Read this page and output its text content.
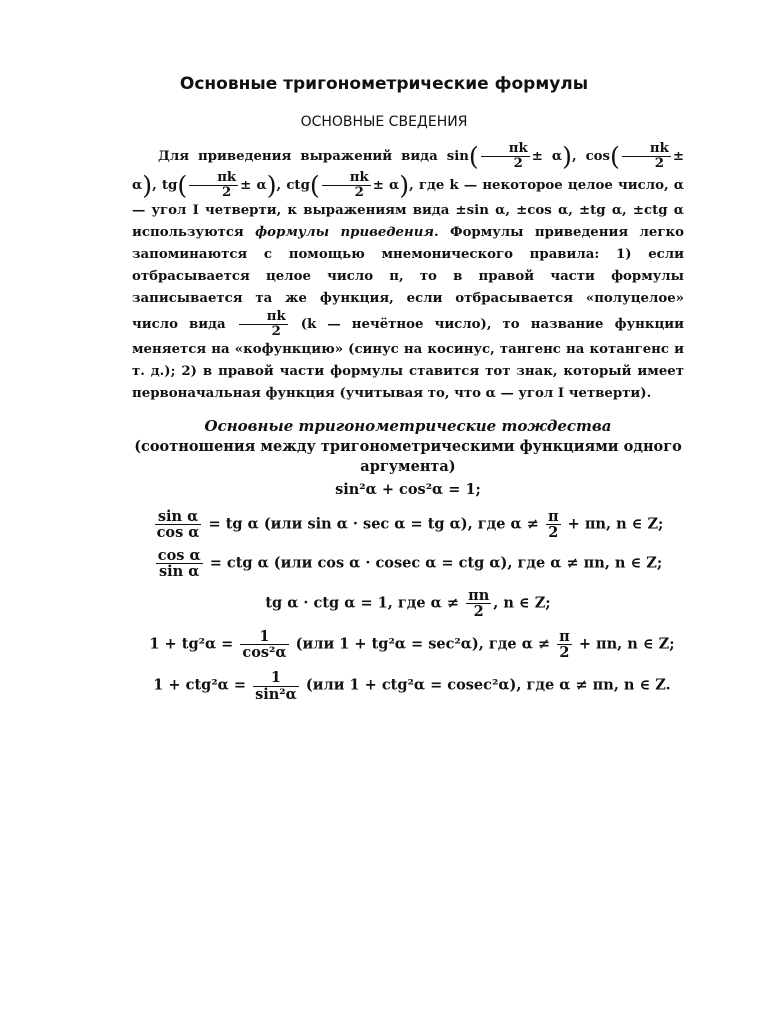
Основные тригонометрические формулы
ОСНОВНЫЕ СВЕДЕНИЯ

Для приведения выражений вида $\sin( \frac{\pi k}{2} \pm \alpha)$, $\cos( \frac{\pi k}{2} \pm \alpha)$, $tg( \frac{\pi k}{2} \pm \alpha)$, $ctg( \frac{\pi k}{2} \pm \alpha)$, где k — некоторое целое число, α — угол I четверти, к выражениям вида ±sin α, ±cos α, ±tg α, ±ctg α используются формулы приведения. Формулы приведения легко запоминаются с помощью мнемонического правила: 1) если отбрасывается целое число π, то в правой части формулы записывается та же функция, если отбрасывается «полуцелое» число вида $\frac{\pi k}{2} (k$ — нечётное число), то название функции меняется на «кофункцию» (синус на косинус, тангенс на котангенс и т. д.); 2) в правой части формулы ставится тот знак, который имеет первоначальная функция (учитывая то, что α — угол I четверти).

Основные тригонометрические тождества
(соотношения между тригонометрическими функциями одного аргумента)

sin²α + cos²α = 1;

$\frac{\text{sin α}}{\text{cos α}}$ = tg α (или sin α · sec α = tg α), где $\alpha \ne \frac{\pi}{2} + \pi n$, n ∈ Z;

$\frac{\text{cos α}}{\text{sin α}}$ = ctg α (или cos α · cosec α = ctg α), где α ≠ πn, n ∈ Z;

tg α · ctg α = 1, где $\alpha \ne \frac{\pi n}{2}$ , n ∈ Z;

$1 + tg^2\alpha = \frac{1}{\text{cos²α}} (или$ 1 + tg²α = sec²α), где $\alpha \ne \frac{\pi}{2} + \pi n$, n ∈ Z;

$1 + ctg^2\alpha = \frac{1}{\text{sin²α}} (или$ 1 + ctg²α = cosec²α), где α ≠ πn, n ∈ Z.
